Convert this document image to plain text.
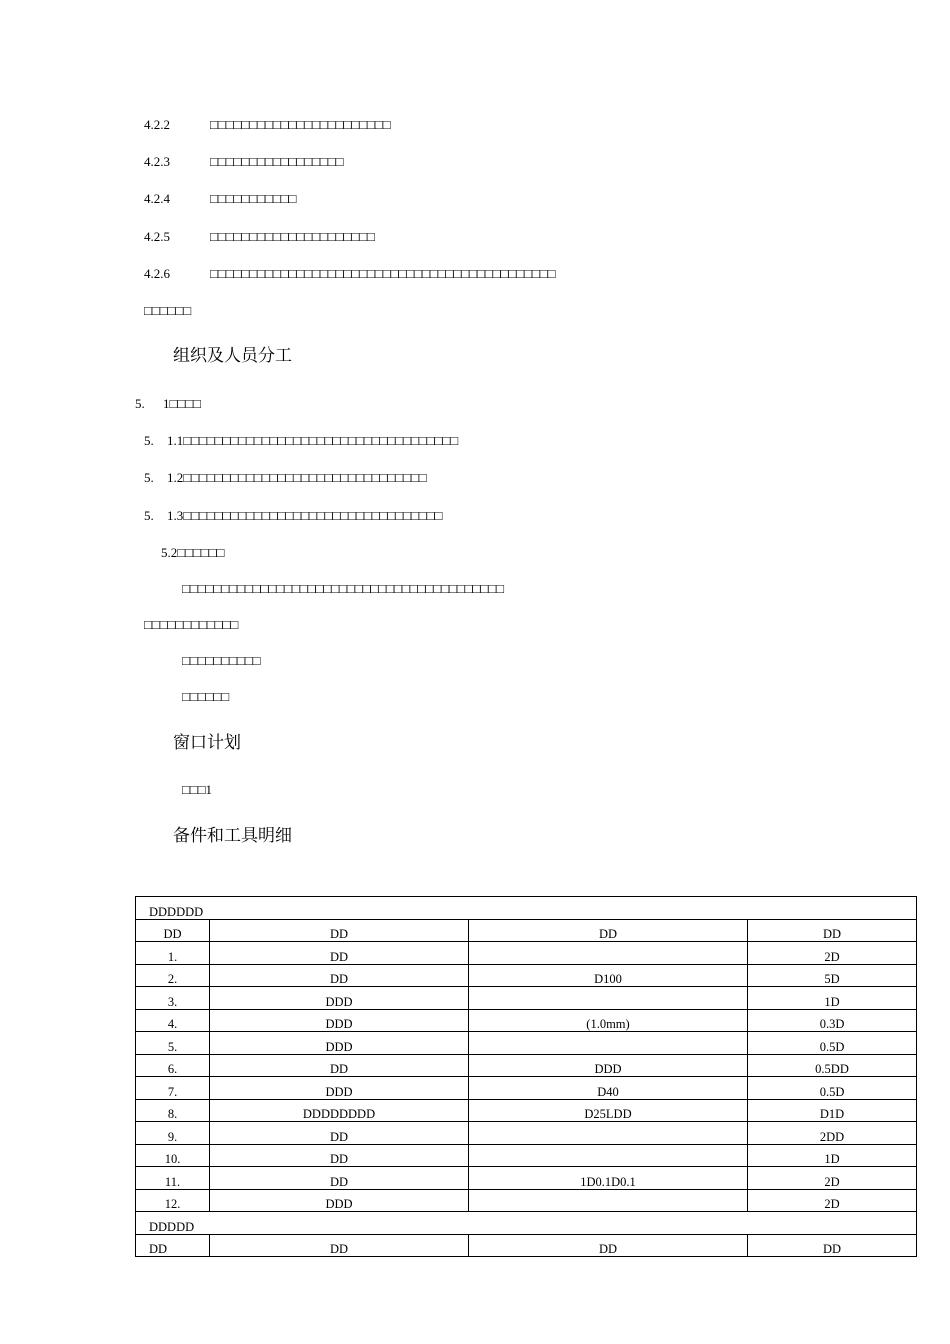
4.2.2	□□□□□□□□□□□□□□□□□□□□□□□
4.2.3	□□□□□□□□□□□□□□□□□
4.2.4	□□□□□□□□□□□
4.2.5	□□□□□□□□□□□□□□□□□□□□□
4.2.6	□□□□□□□□□□□□□□□□□□□□□□□□□□□□□□□□□□□□□□□□□□□□
□□□□□□
组织及人员分工
5. 1□□□□
5. 1.1□□□□□□□□□□□□□□□□□□□□□□□□□□□□□□□□□□□
5. 1.2□□□□□□□□□□□□□□□□□□□□□□□□□□□□□□□
5. 1.3□□□□□□□□□□□□□□□□□□□□□□□□□□□□□□□□□
5.2□□□□□□
□□□□□□□□□□□□□□□□□□□□□□□□□□□□□□□□□□□□□□□□□
□□□□□□□□□□□□
□□□□□□□□□□
□□□□□□
窗口计划
□□□1
备件和工具明细
DDDDDD			
DD	DD	DD	DD
1.	DD		2D
2.	DD	D100	5D
3.	DDD		1D
4.	DDD	(1.0mm)	0.3D
5.	DDD		0.5D
6.	DD	DDD	0.5DD
7.	DDD	D40	0.5D
8.	DDDDDDDD	D25LDD	D1D
9.	DD		2DD
10.	DD		1D
11.	DD	1D0.1D0.1	2D
12.	DDD		2D
DDDDD			
DD	DD	DD	DD
